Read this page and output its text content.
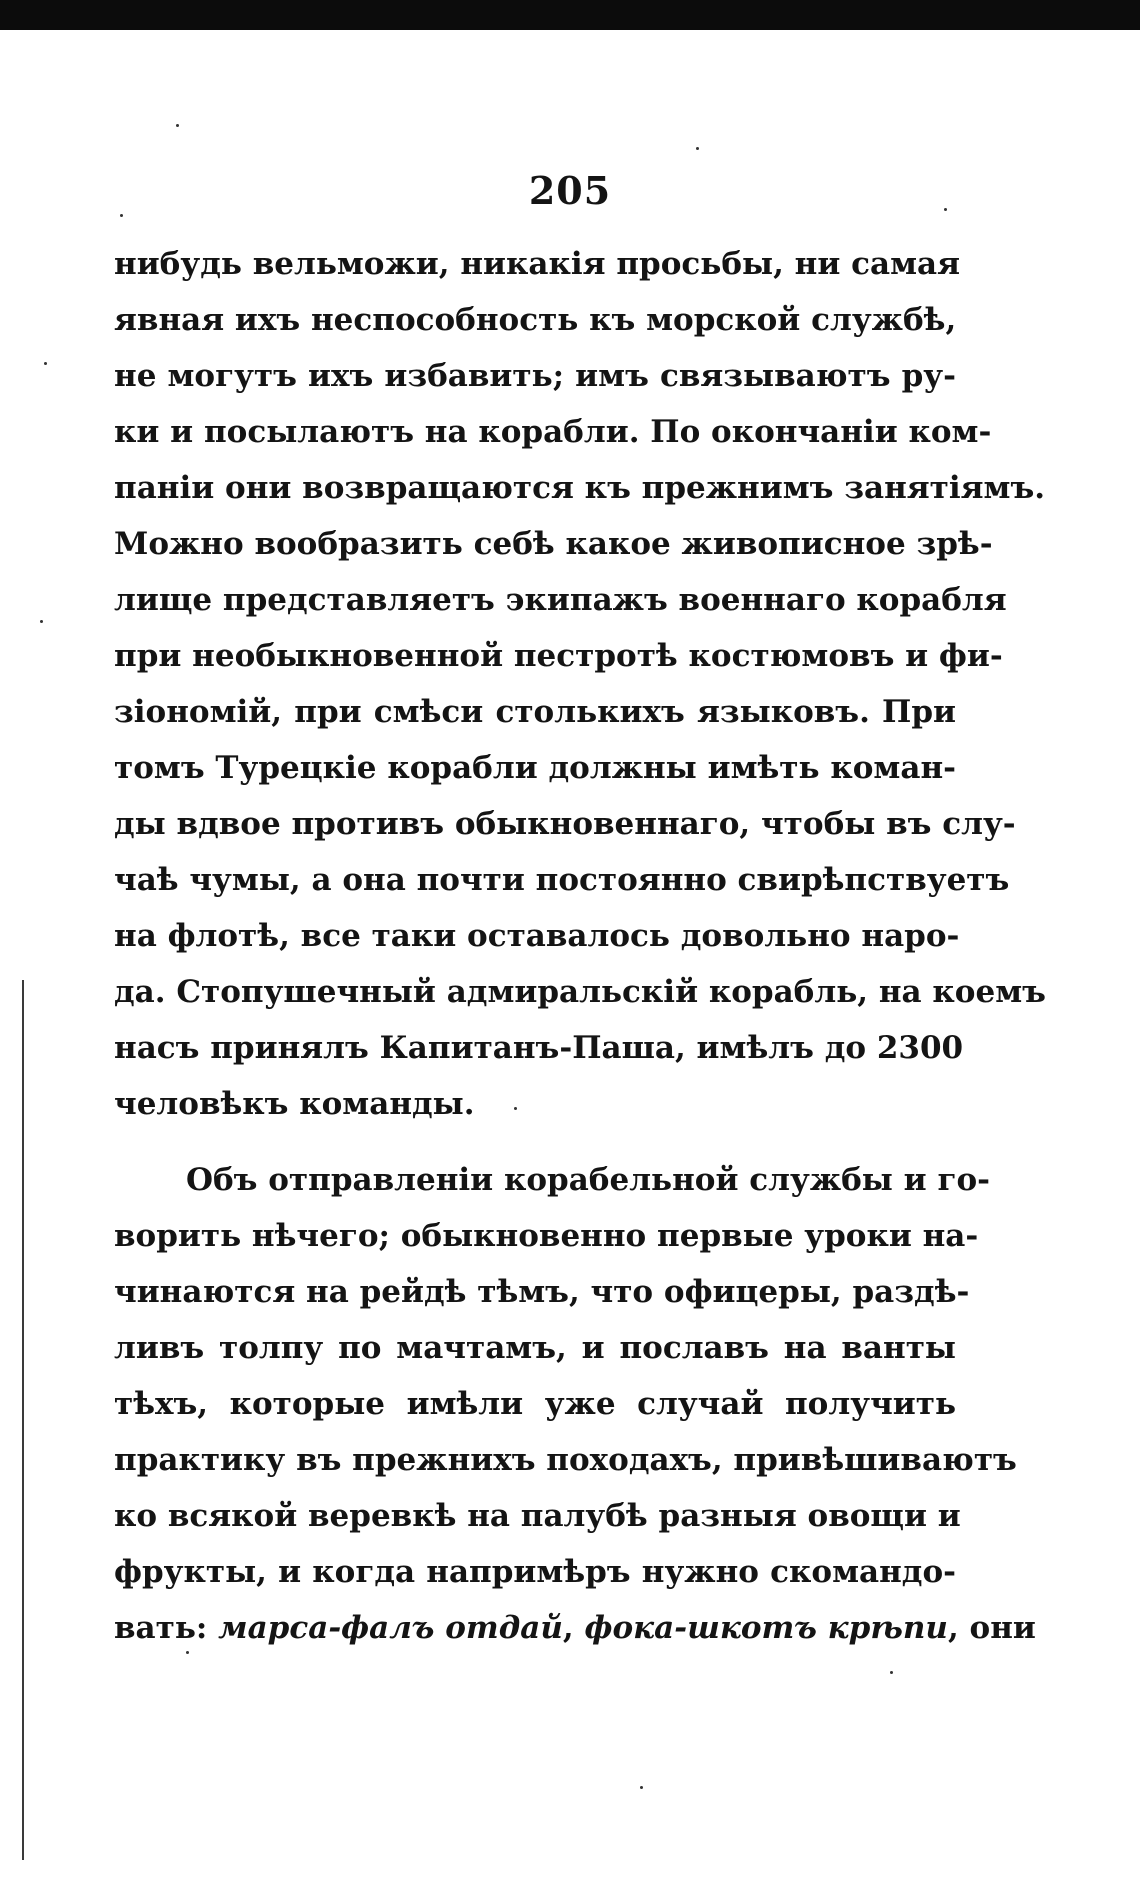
205
нибудь вельможи, никакія просьбы, ни самая
явная ихъ неспособность къ морской службѣ,
не могутъ ихъ избавить; имъ связываютъ ру-
ки и посылаютъ на корабли. По окончаніи ком-
паніи они возвращаются къ прежнимъ занятіямъ.
Можно вообразить себѣ какое живописное зрѣ-
лище представляетъ экипажъ военнаго корабля
при необыкновенной пестротѣ костюмовъ и фи-
зіономій, при смѣси столькихъ языковъ. При
томъ Турецкіе корабли должны имѣть коман-
ды вдвое противъ обыкновеннаго, чтобы въ слу-
чаѣ чумы, а она почти постоянно свирѣпствуетъ
на флотѣ, все таки оставалось довольно наро-
да. Стопушечный адмиральскій корабль, на коемъ
насъ принялъ Капитанъ-Паша, имѣлъ до 2300
человѣкъ команды.
Объ отправленіи корабельной службы и го-
ворить нѣчего; обыкновенно первые уроки на-
чинаются на рейдѣ тѣмъ, что офицеры, раздѣ-
ливъ толпу по мачтамъ, и пославъ на ванты
тѣхъ, которые имѣли уже случай получить
практику въ прежнихъ походахъ, привѣшиваютъ
ко всякой веревкѣ на палубѣ разныя овощи и
фрукты, и когда напримѣръ нужно скомандо-
вать: марса-фалъ отдай, фока-шкотъ крѣпи, они
